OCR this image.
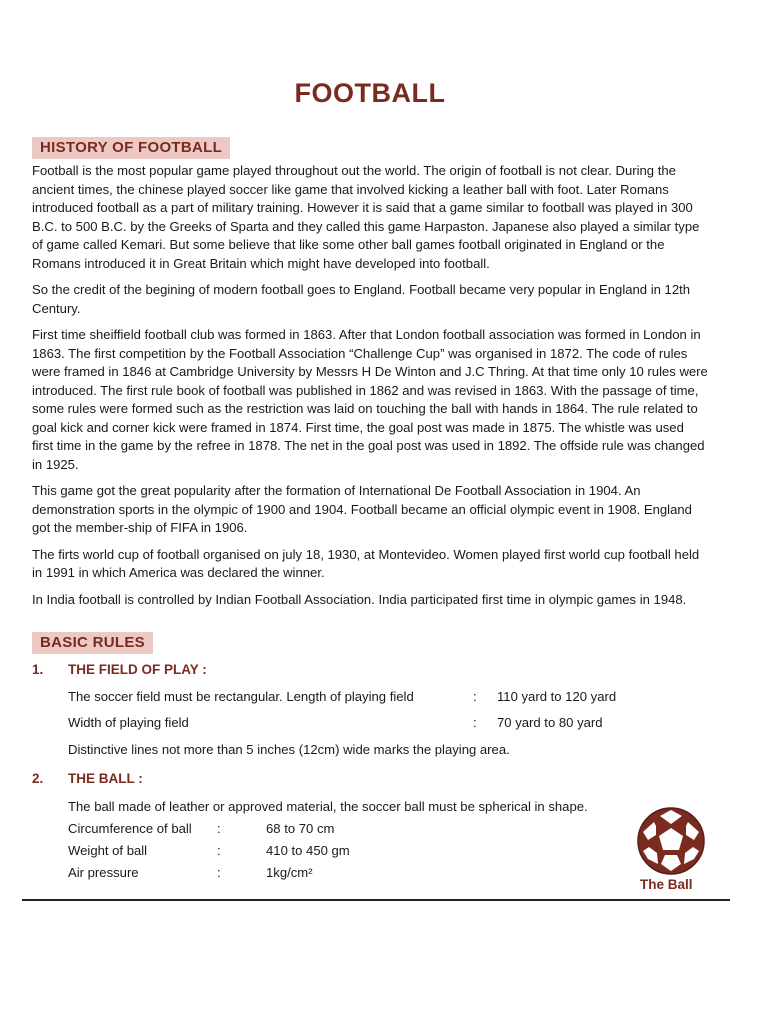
FOOTBALL
HISTORY OF FOOTBALL

Football is the most popular game played throughout out the world. The origin of football is not clear. During the ancient times, the chinese played soccer like game that involved kicking a leather ball with foot. Later Romans introduced football as a part of military training. However it is said that a game similar to football was played in 300 B.C. to 500 B.C. by the Greeks of Sparta and they called this game Harpaston. Japanese also played a similar type of game called Kemari. But some believe that like some other ball games football originated in England or the Romans introduced it in Great Britain which might have developed into football.

So the credit of the begining of modern football goes to England. Football became very popular in England in 12th Century.

First time sheiffield football club was formed in 1863. After that London football association was formed in London in 1863. The first competition by the Football Association “Challenge Cup” was organised in 1872. The code of rules were framed in 1846 at Cambridge University by Messrs H De Winton and J.C Thring. At that time only 10 rules were introduced. The first rule book of football was published in 1862 and was revised in 1863. With the passage of time, some rules were formed such as the restriction was laid on touching the ball with hands in 1864. The rule related to goal kick and corner kick were framed in 1874. First time, the goal post was made in 1875. The whistle was used first time in the game by the refree in 1878. The net in the goal post was used in 1892. The offside rule was changed in 1925.

This game got the great popularity after the formation of International De Football Association in 1904. An demonstration sports in the olympic of 1900 and 1904. Football became an official olympic event in 1908. England got the member-ship of FIFA in 1906.

The firts world cup of football organised on july 18, 1930, at Montevideo. Women played first world cup football held in 1991 in which America was declared the winner.

In India football is controlled by Indian Football Association. India participated first time in olympic games in 1948.

BASIC RULES
1. THE FIELD OF PLAY :
The soccer field must be rectangular. Length of playing field	: 110 yard to 120 yard
Width of playing field	: 70 yard to 80 yard
Distinctive lines not more than 5 inches (12cm) wide marks the playing area.
2. THE BALL :
The ball made of leather or approved material, the soccer ball must be spherical in shape.
Circumference of ball :	68 to 70 cm
Weight of ball	:	410 to 450 gm
Air pressure	:	1kg/cm²
The Ball
